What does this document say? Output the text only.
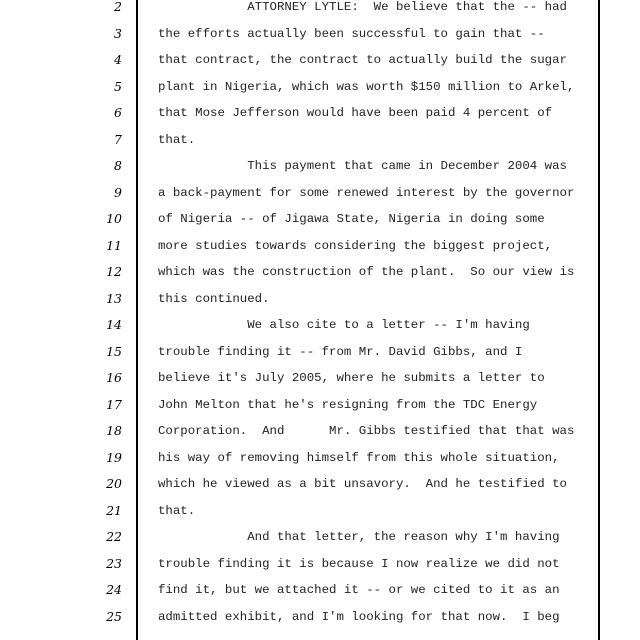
2	ATTORNEY LYTLE:  We believe that the -- had
3	the efforts actually been successful to gain that --
4	that contract, the contract to actually build the sugar
5	plant in Nigeria, which was worth $150 million to Arkel,
6	that Mose Jefferson would have been paid 4 percent of
7	that.
8	This payment that came in December 2004 was
9	a back-payment for some renewed interest by the governor
10	of Nigeria -- of Jigawa State, Nigeria in doing some
11	more studies towards considering the biggest project,
12	which was the construction of the plant.  So our view is
13	this continued.
14	We also cite to a letter -- I'm having
15	trouble finding it -- from Mr. David Gibbs, and I
16	believe it's July 2005, where he submits a letter to
17	John Melton that he's resigning from the TDC Energy
18	Corporation.  And      Mr. Gibbs testified that that was
19	his way of removing himself from this whole situation,
20	which he viewed as a bit unsavory.  And he testified to
21	that.
22	And that letter, the reason why I'm having
23	trouble finding it is because I now realize we did not
24	find it, but we attached it -- or we cited to it as an
25	admitted exhibit, and I'm looking for that now.  I beg
